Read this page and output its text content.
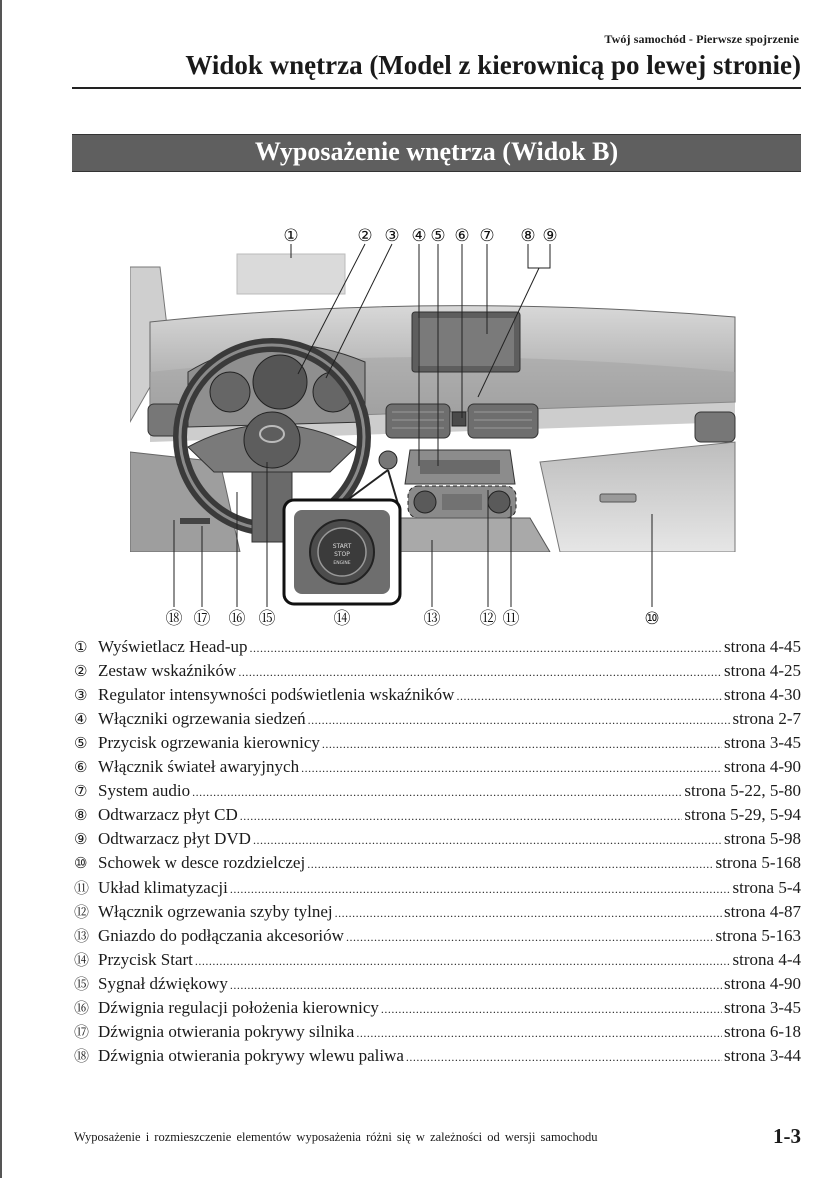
Twój samochód - Pierwsze spojrzenie
Widok wnętrza (Model z kierownicą po lewej stronie)
Wyposażenie wnętrza (Widok B)
START
STOP
ENGINE
①	② ③ ④ ⑤ ⑥ ⑦ ⑧ ⑨
⑱ ⑰ ⑯ ⑮	⑭	⑬ ⑫ ⑪	⑩
① Wyświetlacz Head-up .....	strona 4-45
② Zestaw wskaźników .....	strona 4-25
③ Regulator intensywności podświetlenia wskaźników .....	strona 4-30
④ Włączniki ogrzewania siedzeń .....	strona 2-7
⑤ Przycisk ogrzewania kierownicy .....	strona 3-45
⑥ Włącznik świateł awaryjnych .....	strona 4-90
⑦ System audio .....	strona 5-22, 5-80
⑧ Odtwarzacz płyt CD .....	strona 5-29, 5-94
⑨ Odtwarzacz płyt DVD .....	strona 5-98
⑩ Schowek w desce rozdzielczej .....	strona 5-168
⑪ Układ klimatyzacji .....	strona 5-4
⑫ Włącznik ogrzewania szyby tylnej .....	strona 4-87
⑬ Gniazdo do podłączania akcesoriów .....	strona 5-163
⑭ Przycisk Start .....	strona 4-4
⑮ Sygnał dźwiękowy .....	strona 4-90
⑯ Dźwignia regulacji położenia kierownicy .....	strona 3-45
⑰ Dźwignia otwierania pokrywy silnika .....	strona 6-18
⑱ Dźwignia otwierania pokrywy wlewu paliwa .....	strona 3-44
Wyposażenie i rozmieszczenie elementów wyposażenia różni się w zależności od wersji samochodu	1-3
